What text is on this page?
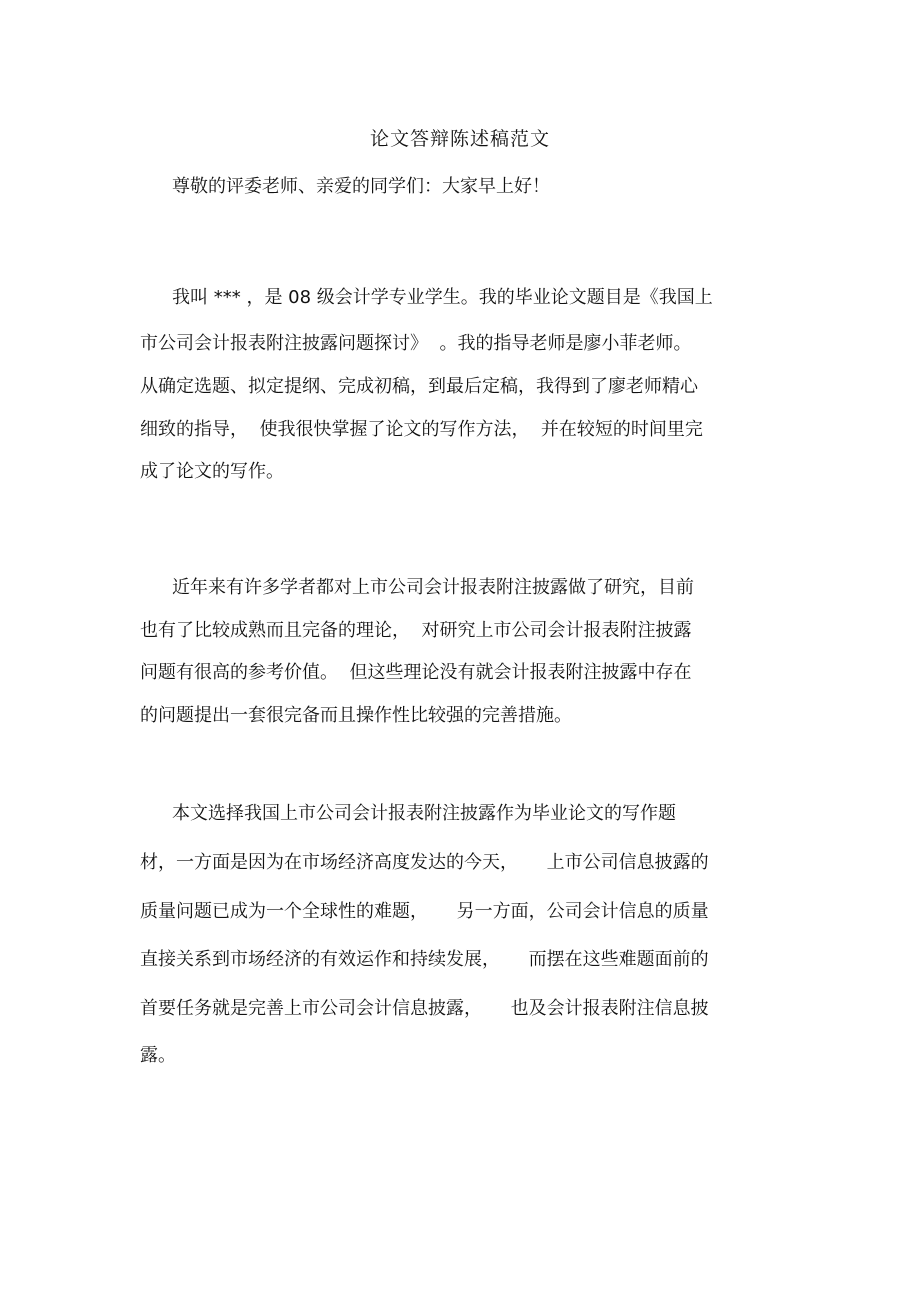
论文答辩陈述稿范文
尊敬的评委老师、亲爱的同学们：大家早上好！
我叫 *** ，是 08 级会计学专业学生。我的毕业论文题目是《我国上
市公司会计报表附注披露问题探讨》  。我的指导老师是廖小菲老师。
从确定选题、拟定提纲、完成初稿，到最后定稿，我得到了廖老师精心
细致的指导，  使我很快掌握了论文的写作方法，  并在较短的时间里完
成了论文的写作。
近年来有许多学者都对上市公司会计报表附注披露做了研究，目前
也有了比较成熟而且完备的理论，  对研究上市公司会计报表附注披露
问题有很高的参考价值。  但这些理论没有就会计报表附注披露中存在
的问题提出一套很完备而且操作性比较强的完善措施。
本文选择我国上市公司会计报表附注披露作为毕业论文的写作题
材，一方面是因为在市场经济高度发达的今天，     上市公司信息披露的
质量问题已成为一个全球性的难题，     另一方面，公司会计信息的质量
直接关系到市场经济的有效运作和持续发展，     而摆在这些难题面前的
首要任务就是完善上市公司会计信息披露，     也及会计报表附注信息披
露。
